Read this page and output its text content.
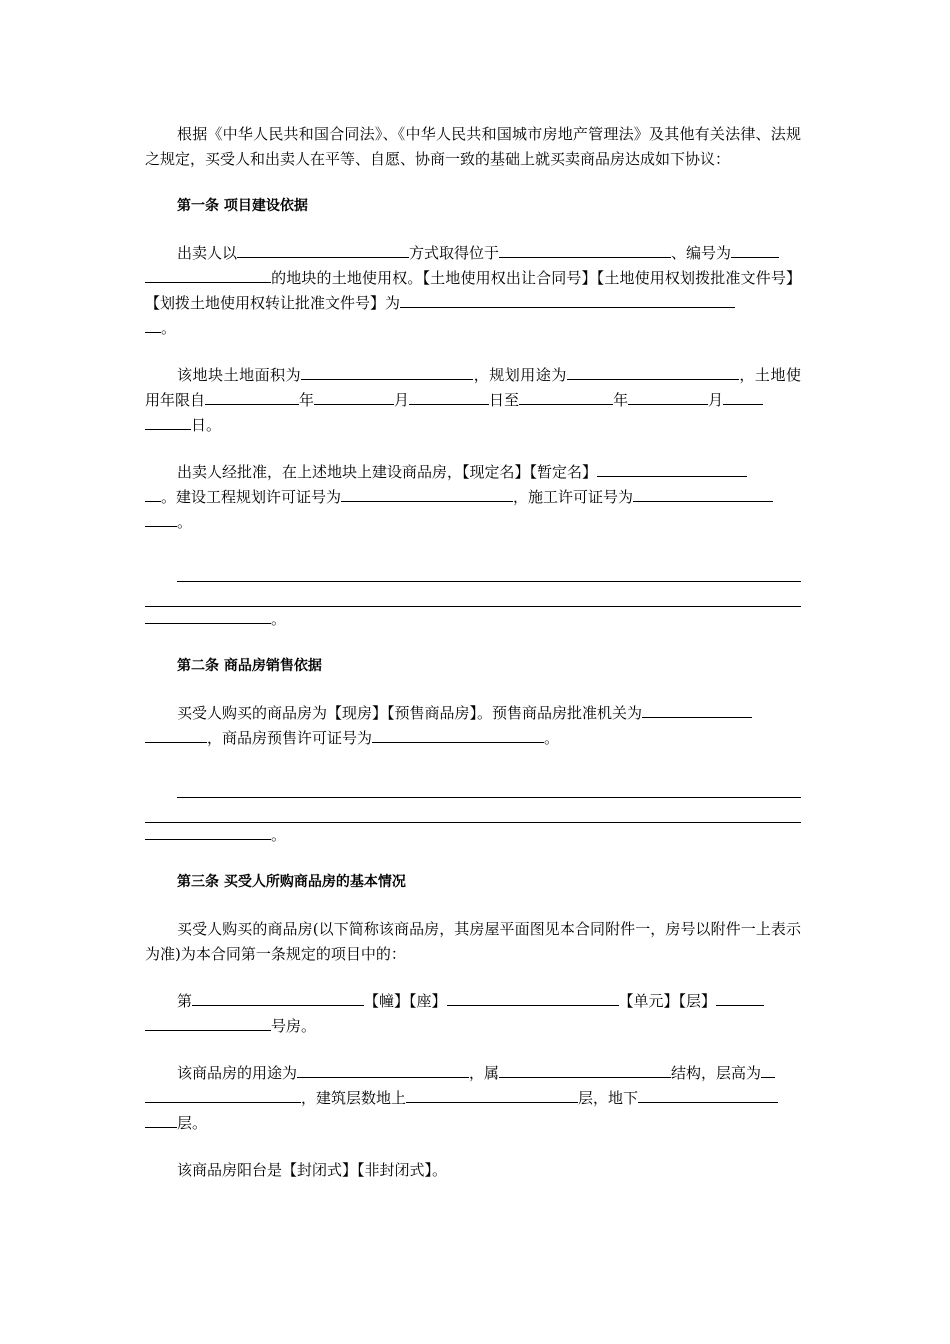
根据《中华人民共和国合同法》、《中华人民共和国城市房地产管理法》及其他有关法律、法规之规定，买受人和出卖人在平等、自愿、协商一致的基础上就买卖商品房达成如下协议：

第一条 项目建设依据

出卖人以	方式取得位于	、编号为
的地块的土地使用权。【土地使用权出让合同号】【土地使用权划拨批准文件号】【划拨土地使用权转让批准文件号】为
。

该地块土地面积为	，规划用途为	，土地使用年限自	年	月	日至	年	月
日。

出卖人经批准，在上述地块上建设商品房，【现定名】【暂定名】
。建设工程规划许可证号为	，施工许可证号为
。

。
第二条 商品房销售依据

买受人购买的商品房为【现房】【预售商品房】。预售商品房批准机关为
，商品房预售许可证号为	。

。
第三条 买受人所购商品房的基本情况

买受人购买的商品房(以下简称该商品房，其房屋平面图见本合同附件一，房号以附件一上表示为准)为本合同第一条规定的项目中的：

第	【幢】【座】	【单元】【层】
号房。

该商品房的用途为	，属	结构，层高为
，建筑层数地上	层，地下
层。

该商品房阳台是【封闭式】【非封闭式】。
